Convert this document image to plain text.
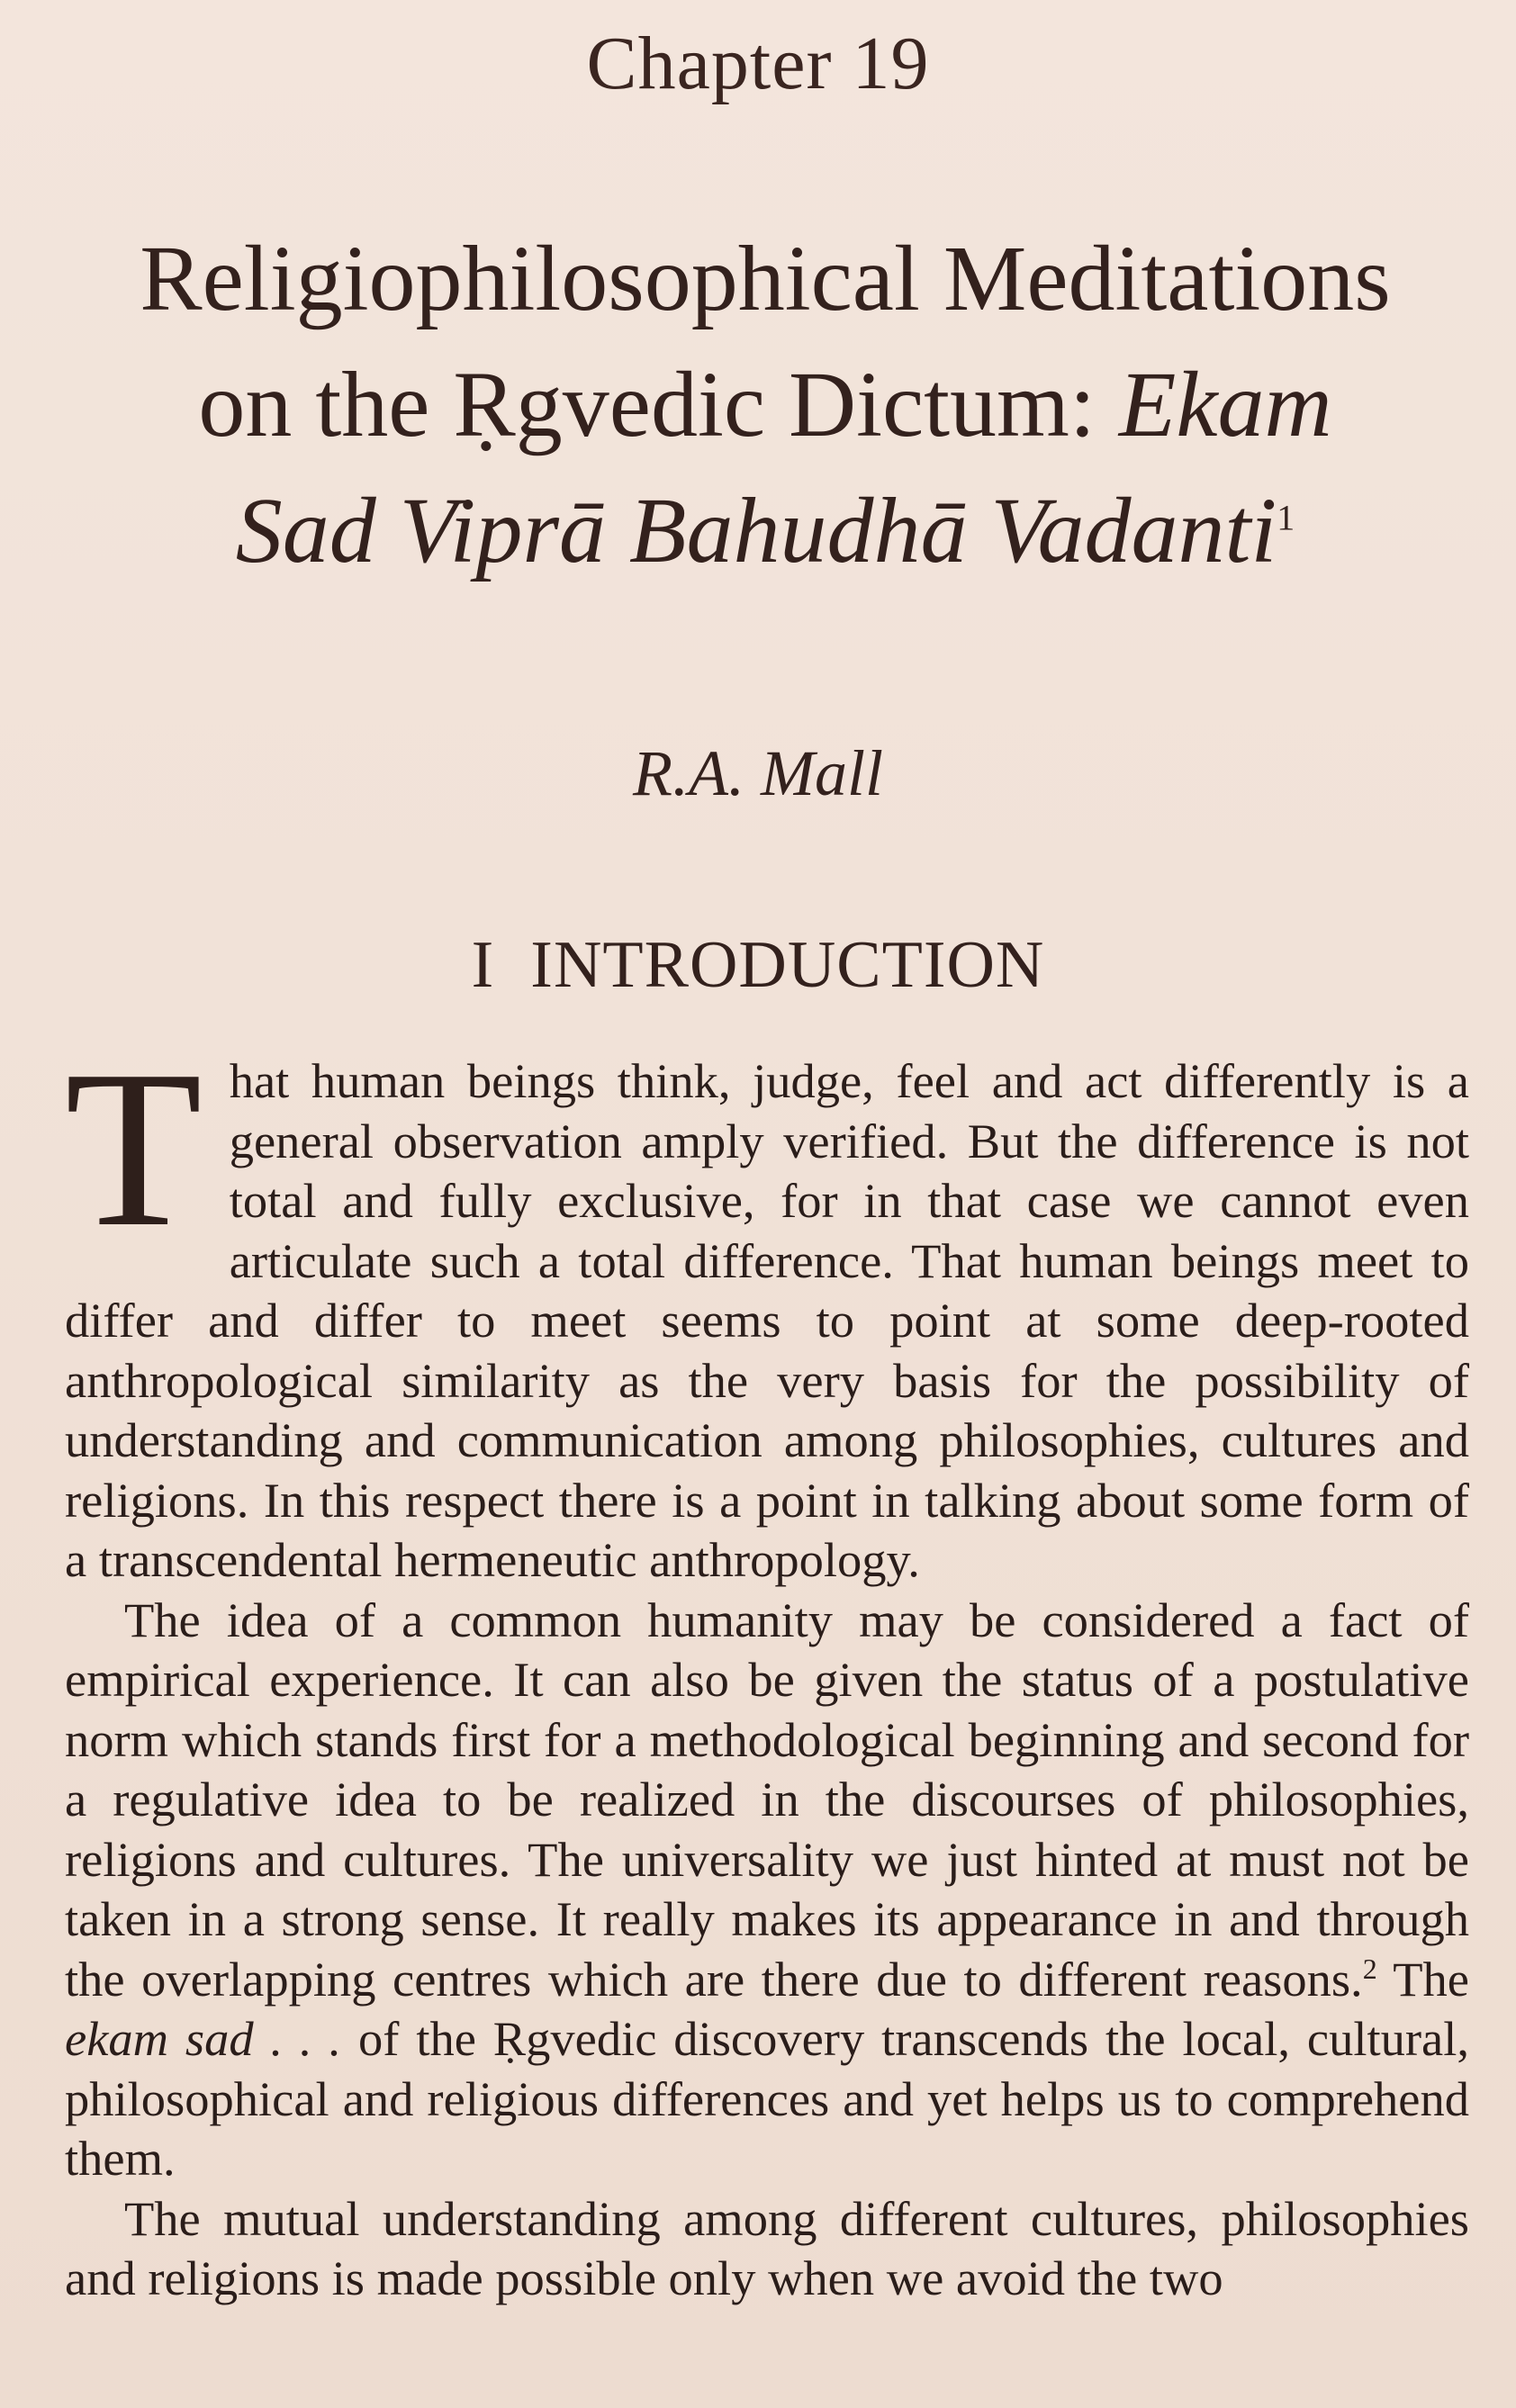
Chapter 19
Religiophilosophical Meditations
on the Ṛgvedic Dictum: Ekam
Sad Viprā Bahudhā Vadanti$^1$
R.A. Mall
I INTRODUCTION

That human beings think, judge, feel and act differently is a general observation amply verified. But the difference is not total and fully exclusive, for in that case we cannot even articulate such a total difference. That human beings meet to differ and differ to meet seems to point at some deep-rooted anthropological similarity as the very basis for the possibility of understanding and communication among philosophies, cultures and religions. In this respect there is a point in talking about some form of a transcendental hermeneutic anthropology.

The idea of a common humanity may be considered a fact of empirical experience. It can also be given the status of a postulative norm which stands first for a methodological beginning and second for a regulative idea to be realized in the discourses of philosophies, religions and cultures. The universality we just hinted at must not be taken in a strong sense. It really makes its appearance in and through the overlapping centres which are there due to different reasons.$^2$ The ekam sad . . . of the Ṛgvedic discovery transcends the local, cultural, philosophical and religious differences and yet helps us to comprehend them.

The mutual understanding among different cultures, philosophies and religions is made possible only when we avoid the two
